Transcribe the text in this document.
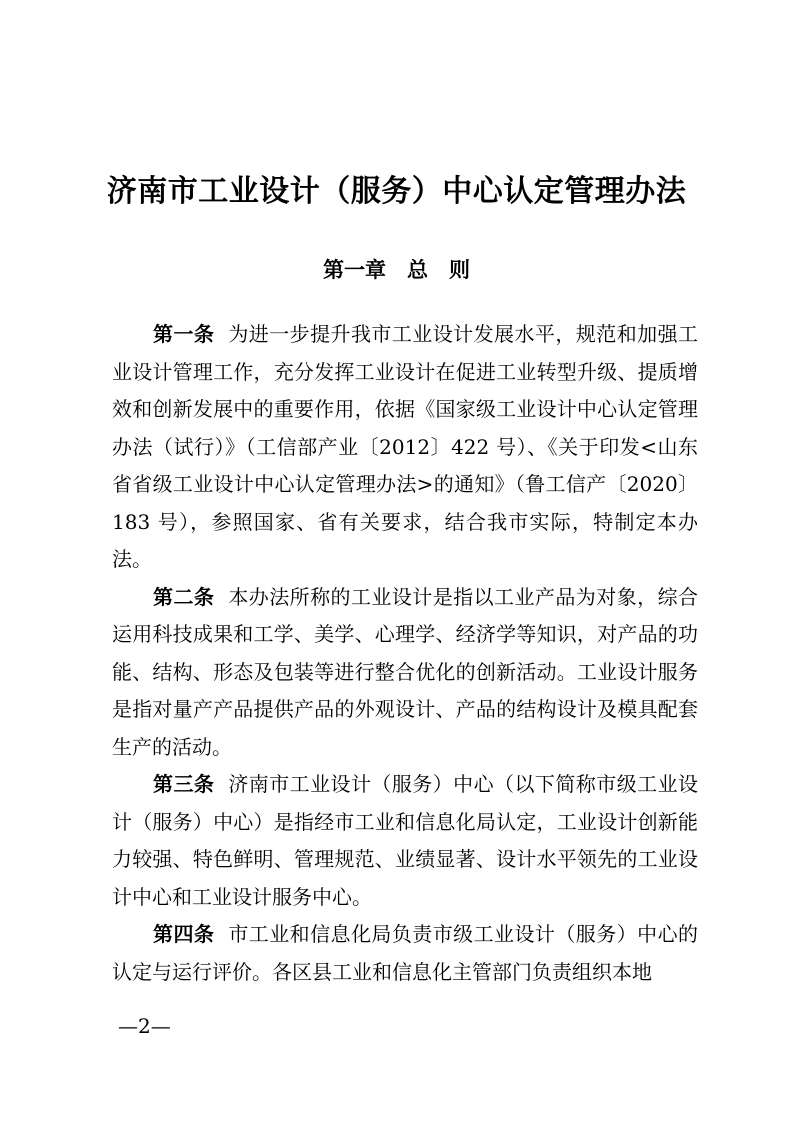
济南市工业设计（服务）中心认定管理办法
第一章　总　则

第一条 为进一步提升我市工业设计发展水平，规范和加强工业设计管理工作，充分发挥工业设计在促进工业转型升级、提质增效和创新发展中的重要作用，依据《国家级工业设计中心认定管理办法（试行）》（工信部产业〔2012〕422 号）、《关于印发<山东省省级工业设计中心认定管理办法>的通知》（鲁工信产〔2020〕183 号），参照国家、省有关要求，结合我市实际，特制定本办法。

第二条 本办法所称的工业设计是指以工业产品为对象，综合运用科技成果和工学、美学、心理学、经济学等知识，对产品的功能、结构、形态及包装等进行整合优化的创新活动。工业设计服务是指对量产产品提供产品的外观设计、产品的结构设计及模具配套生产的活动。

第三条 济南市工业设计（服务）中心（以下简称市级工业设计（服务）中心）是指经市工业和信息化局认定，工业设计创新能力较强、特色鲜明、管理规范、业绩显著、设计水平领先的工业设计中心和工业设计服务中心。

第四条 市工业和信息化局负责市级工业设计（服务）中心的认定与运行评价。各区县工业和信息化主管部门负责组织本地

—2—
